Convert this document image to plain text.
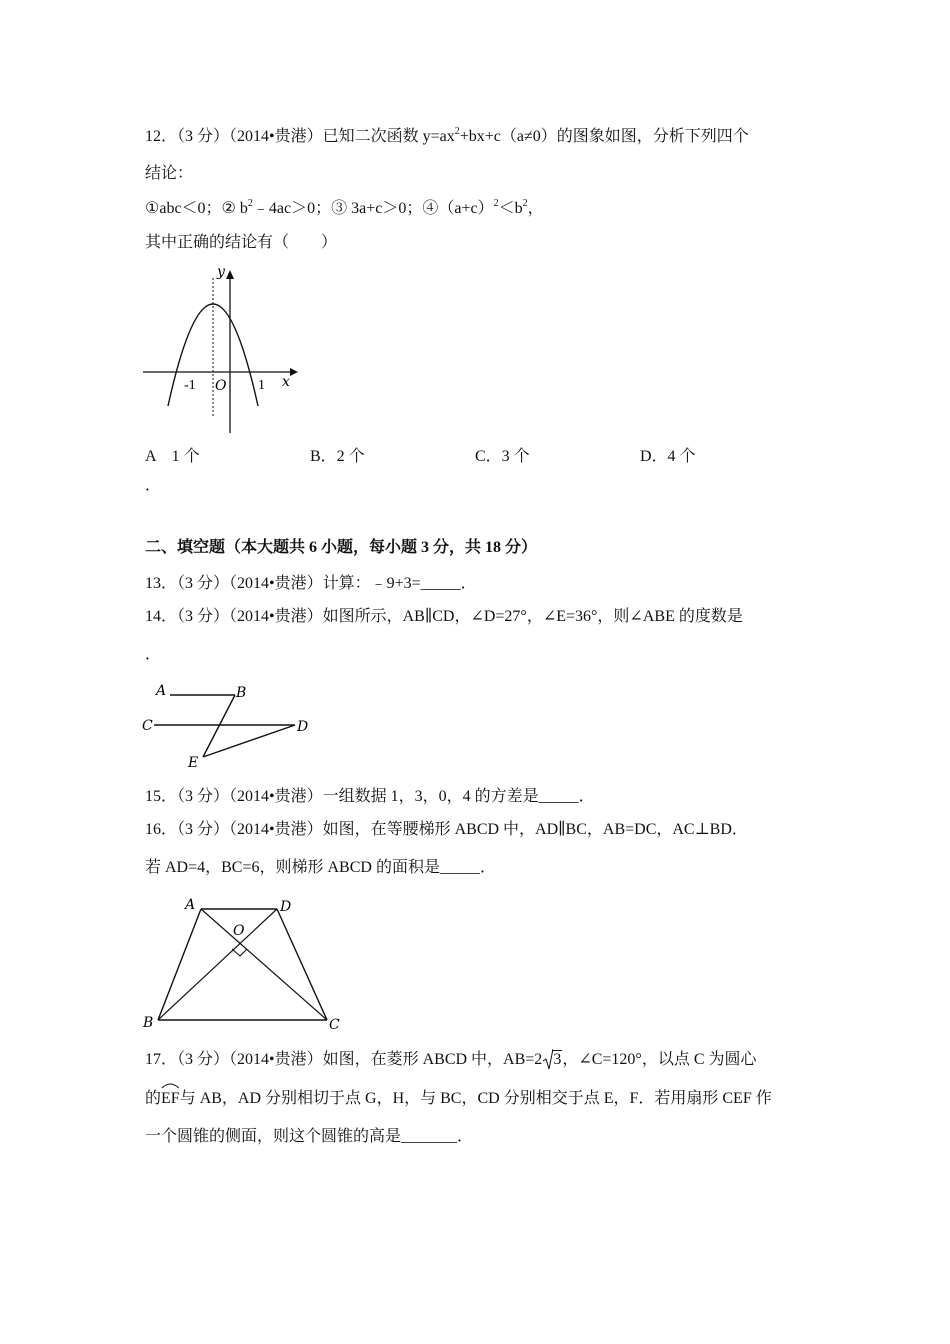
12．（3 分）（2014•贵港）已知二次函数 $y=ax^2+bx+c(a\ne 0)$的图象如图，分析下列四个
结论：
①abc＜0；② $b^2﹣4ac>0$；③ 3a+c＞0；$④(a+c)^2<b^2$，
其中正确的结论有（　　）
y
x
O
-1	1
A　1 个	B．2 个	C．3 个	D．4 个
．
二、填空题（本大题共 6 小题，每小题 3 分，共 18 分）
13．（3 分）（2014•贵港）计算：﹣9+3=_____．
14．（3 分）（2014•贵港）如图所示，AB∥CD，∠D=27°，∠E=36°，则∠ABE 的度数是
．
A	B
C	D
E
15．（3 分）（2014•贵港）一组数据 1，3，0，4 的方差是_____．
16．（3 分）（2014•贵港）如图，在等腰梯形 ABCD 中，AD∥BC，AB=DC，AC⊥BD．
若 AD=4，BC=6，则梯形 ABCD 的面积是_____．
A	D
O
B	C
17．（3 分）（2014•贵港）如图，在菱形 ABCD 中，AB=2 3，∠C=120°，以点 C 为圆心
的
EF与 AB，AD 分别相切于点 G，H，与 BC，CD 分别相交于点 E，F．若用扇形 CEF 作
一个圆锥的侧面，则这个圆锥的高是_______．
